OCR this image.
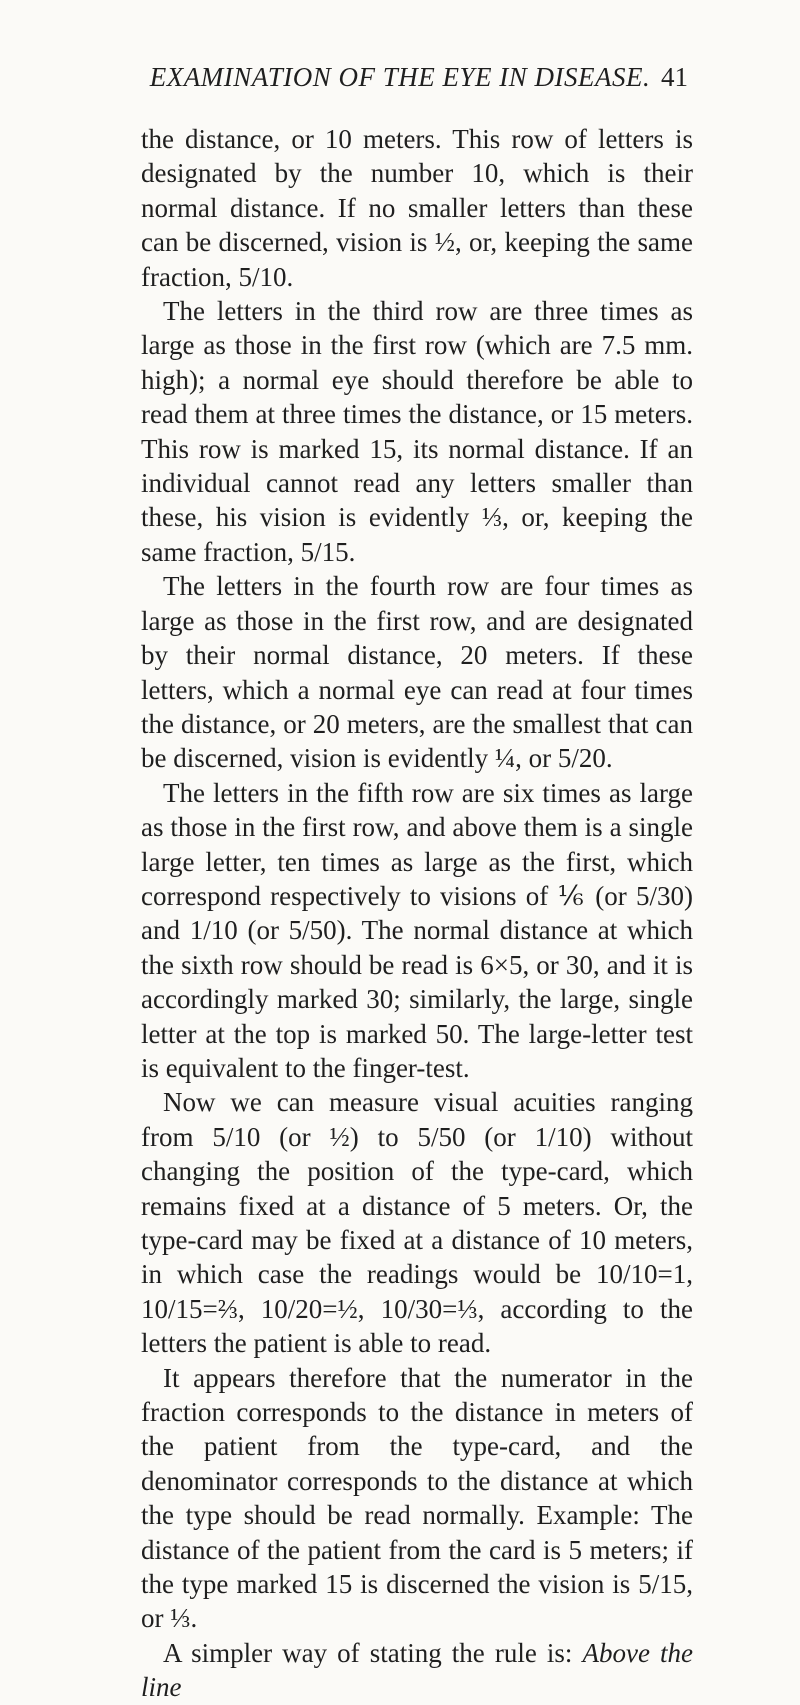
EXAMINATION OF THE EYE IN DISEASE. 41

the distance, or 10 meters. This row of letters is designated by the number 10, which is their normal distance. If no smaller letters than these can be discerned, vision is ½, or, keeping the same fraction, 5/10.

The letters in the third row are three times as large as those in the first row (which are 7.5 mm. high); a normal eye should therefore be able to read them at three times the distance, or 15 meters. This row is marked 15, its normal distance. If an individual cannot read any letters smaller than these, his vision is evidently ⅓, or, keeping the same fraction, 5/15.

The letters in the fourth row are four times as large as those in the first row, and are designated by their normal distance, 20 meters. If these letters, which a normal eye can read at four times the distance, or 20 meters, are the smallest that can be discerned, vision is evidently ¼, or 5/20.

The letters in the fifth row are six times as large as those in the first row, and above them is a single large letter, ten times as large as the first, which correspond respectively to visions of ⅙ (or 5/30) and 1/10 (or 5/50). The normal distance at which the sixth row should be read is 6×5, or 30, and it is accordingly marked 30; similarly, the large, single letter at the top is marked 50. The large-letter test is equivalent to the finger-test.

Now we can measure visual acuities ranging from 5/10 (or ½) to 5/50 (or 1/10) without changing the position of the type-card, which remains fixed at a distance of 5 meters. Or, the type-card may be fixed at a distance of 10 meters, in which case the readings would be 10/10=1, 10/15=⅔, 10/20=½, 10/30=⅓, according to the letters the patient is able to read.

It appears therefore that the numerator in the fraction corresponds to the distance in meters of the patient from the type-card, and the denominator corresponds to the distance at which the type should be read normally. Example: The distance of the patient from the card is 5 meters; if the type marked 15 is discerned the vision is 5/15, or ⅓.

A simpler way of stating the rule is: Above the line
